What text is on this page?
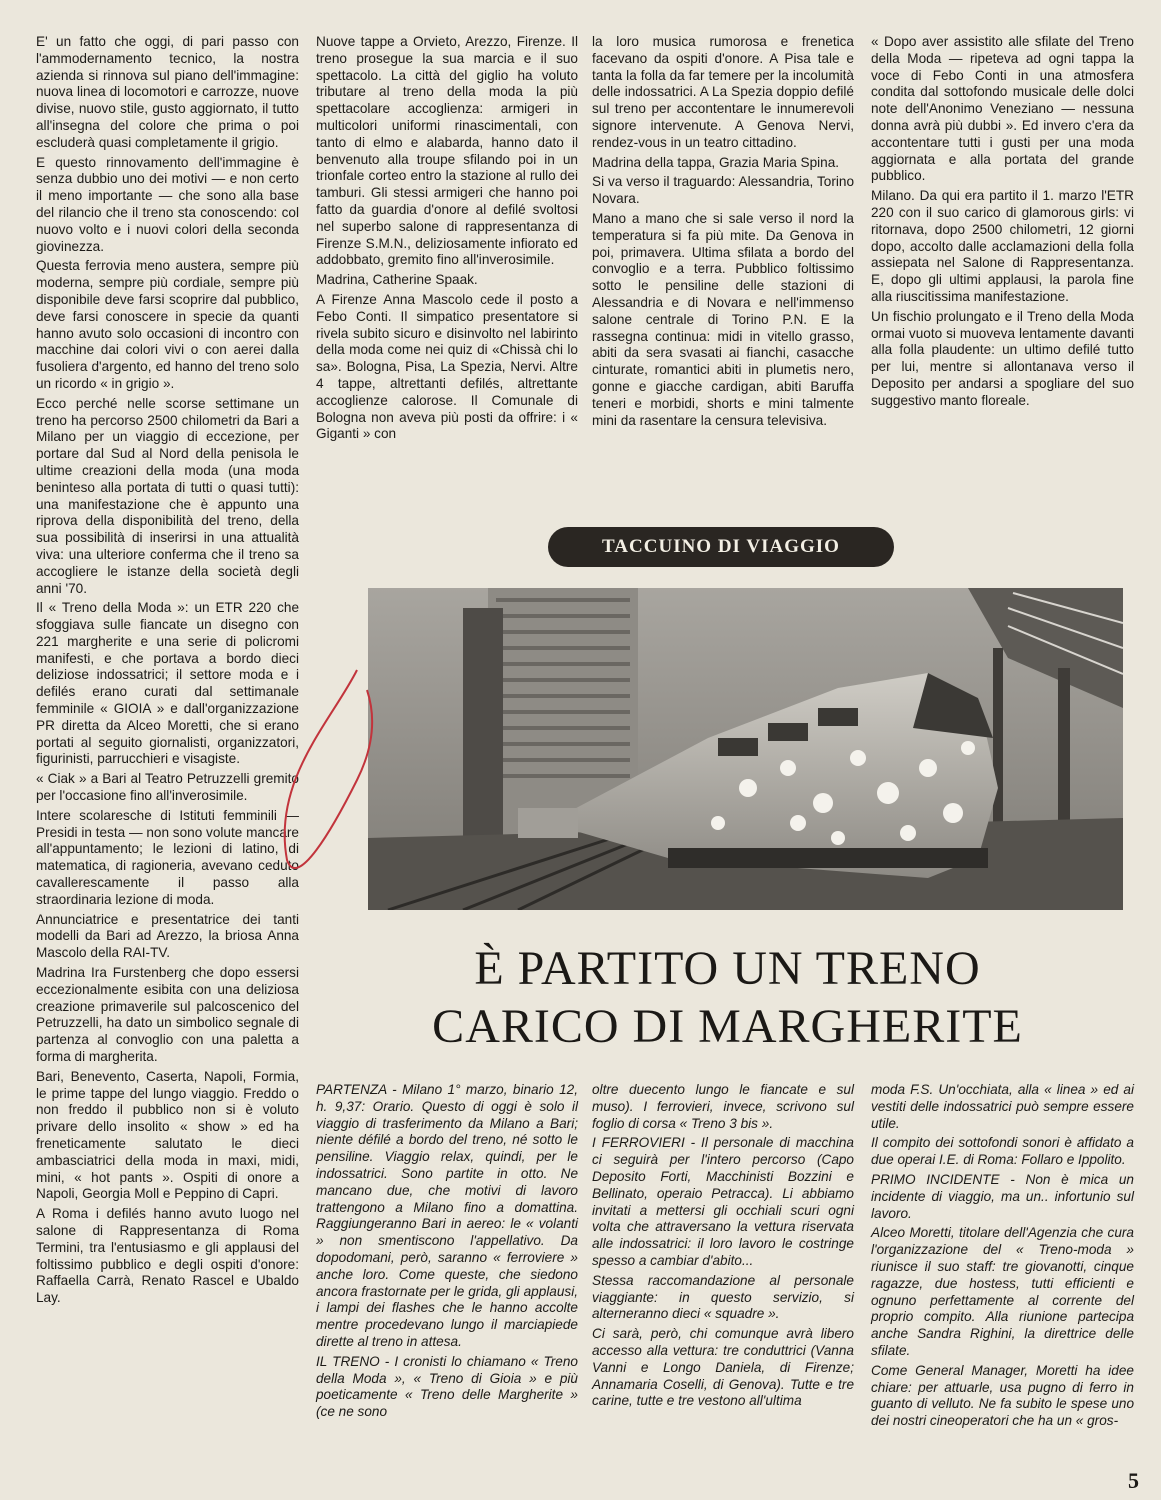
E' un fatto che oggi, di pari passo con l'ammodernamento tecnico, la nostra azienda si rinnova sul piano dell'immagine: nuova linea di locomotori e carrozze, nuove divise, nuovo stile, gusto aggiornato, il tutto all'insegna del colore che prima o poi escluderà quasi completamente il grigio.

E questo rinnovamento dell'immagine è senza dubbio uno dei motivi — e non certo il meno importante — che sono alla base del rilancio che il treno sta conoscendo: col nuovo volto e i nuovi colori della seconda giovinezza.

Questa ferrovia meno austera, sempre più moderna, sempre più cordiale, sempre più disponibile deve farsi scoprire dal pubblico, deve farsi conoscere in specie da quanti hanno avuto solo occasioni di incontro con macchine dai colori vivi o con aerei dalla fusoliera d'argento, ed hanno del treno solo un ricordo « in grigio ».

Ecco perché nelle scorse settimane un treno ha percorso 2500 chilometri da Bari a Milano per un viaggio di eccezione, per portare dal Sud al Nord della penisola le ultime creazioni della moda (una moda beninteso alla portata di tutti o quasi tutti): una manifestazione che è appunto una riprova della disponibilità del treno, della sua possibilità di inserirsi in una attualità viva: una ulteriore conferma che il treno sa accogliere le istanze della società degli anni '70.

Il « Treno della Moda »: un ETR 220 che sfoggiava sulle fiancate un disegno con 221 margherite e una serie di policromi manifesti, e che portava a bordo dieci deliziose indossatrici; il settore moda e i defilés erano curati dal settimanale femminile « GIOIA » e dall'organizzazione PR diretta da Alceo Moretti, che si erano portati al seguito giornalisti, organizzatori, figurinisti, parrucchieri e visagiste.

« Ciak » a Bari al Teatro Petruzzelli gremito per l'occasione fino all'inverosimile.

Intere scolaresche di Istituti femminili — Presidi in testa — non sono volute mancare all'appuntamento; le lezioni di latino, di matematica, di ragioneria, avevano ceduto cavallerescamente il passo alla straordinaria lezione di moda.

Annunciatrice e presentatrice dei tanti modelli da Bari ad Arezzo, la briosa Anna Mascolo della RAI-TV.

Madrina Ira Furstenberg che dopo essersi eccezionalmente esibita con una deliziosa creazione primaverile sul palcoscenico del Petruzzelli, ha dato un simbolico segnale di partenza al convoglio con una paletta a forma di margherita.

Bari, Benevento, Caserta, Napoli, Formia, le prime tappe del lungo viaggio. Freddo o non freddo il pubblico non si è voluto privare dello insolito « show » ed ha freneticamente salutato le dieci ambasciatrici della moda in maxi, midi, mini, « hot pants ». Ospiti di onore a Napoli, Georgia Moll e Peppino di Capri.

A Roma i defilés hanno avuto luogo nel salone di Rappresentanza di Roma Termini, tra l'entusiasmo e gli applausi del foltissimo pubblico e degli ospiti d'onore: Raffaella Carrà, Renato Rascel e Ubaldo Lay.

Nuove tappe a Orvieto, Arezzo, Firenze. Il treno prosegue la sua marcia e il suo spettacolo. La città del giglio ha voluto tributare al treno della moda la più spettacolare accoglienza: armigeri in multicolori uniformi rinascimentali, con tanto di elmo e alabarda, hanno dato il benvenuto alla troupe sfilando poi in un trionfale corteo entro la stazione al rullo dei tamburi. Gli stessi armigeri che hanno poi fatto da guardia d'onore al defilé svoltosi nel superbo salone di rappresentanza di Firenze S.M.N., deliziosamente infiorato ed addobbato, gremito fino all'inverosimile.

Madrina, Catherine Spaak.

A Firenze Anna Mascolo cede il posto a Febo Conti. Il simpatico presentatore si rivela subito sicuro e disinvolto nel labirinto della moda come nei quiz di «Chissà chi lo sa». Bologna, Pisa, La Spezia, Nervi. Altre 4 tappe, altrettanti defilés, altrettante accoglienze calorose. Il Comunale di Bologna non aveva più posti da offrire: i « Giganti » con

la loro musica rumorosa e frenetica facevano da ospiti d'onore. A Pisa tale e tanta la folla da far temere per la incolumità delle indossatrici. A La Spezia doppio defilé sul treno per accontentare le innumerevoli signore intervenute. A Genova Nervi, rendez-vous in un teatro cittadino.

Madrina della tappa, Grazia Maria Spina.

Si va verso il traguardo: Alessandria, Torino Novara.

Mano a mano che si sale verso il nord la temperatura si fa più mite. Da Genova in poi, primavera. Ultima sfilata a bordo del convoglio e a terra. Pubblico foltissimo sotto le pensiline delle stazioni di Alessandria e di Novara e nell'immenso salone centrale di Torino P.N. E la rassegna continua: midi in vitello grasso, abiti da sera svasati ai fianchi, casacche cinturate, romantici abiti in plumetis nero, gonne e giacche cardigan, abiti Baruffa teneri e morbidi, shorts e mini talmente mini da rasentare la censura televisiva.

« Dopo aver assistito alle sfilate del Treno della Moda — ripeteva ad ogni tappa la voce di Febo Conti in una atmosfera condita dal sottofondo musicale delle dolci note dell'Anonimo Veneziano — nessuna donna avrà più dubbi ». Ed invero c'era da accontentare tutti i gusti per una moda aggiornata e alla portata del grande pubblico.

Milano. Da qui era partito il 1. marzo l'ETR 220 con il suo carico di glamorous girls: vi ritornava, dopo 2500 chilometri, 12 giorni dopo, accolto dalle acclamazioni della folla assiepata nel Salone di Rappresentanza. E, dopo gli ultimi applausi, la parola fine alla riuscitissima manifestazione.

Un fischio prolungato e il Treno della Moda ormai vuoto si muoveva lentamente davanti alla folla plaudente: un ultimo defilé tutto per lui, mentre si allontanava verso il Deposito per andarsi a spogliare del suo suggestivo manto floreale.

TACCUINO DI VIAGGIO
È PARTITO UN TRENO
CARICO DI MARGHERITE

PARTENZA - Milano 1° marzo, binario 12, h. 9,37: Orario. Questo di oggi è solo il viaggio di trasferimento da Milano a Bari; niente défilé a bordo del treno, né sotto le pensiline. Viaggio relax, quindi, per le indossatrici. Sono partite in otto. Ne mancano due, che motivi di lavoro trattengono a Milano fino a domattina. Raggiungeranno Bari in aereo: le « volanti » non smentiscono l'appellativo. Da dopodomani, però, saranno « ferroviere » anche loro. Come queste, che siedono ancora frastornate per le grida, gli applausi, i lampi dei flashes che le hanno accolte mentre procedevano lungo il marciapiede dirette al treno in attesa.

IL TRENO - I cronisti lo chiamano « Treno della Moda », « Treno di Gioia » e più poeticamente « Treno delle Margherite » (ce ne sono

oltre duecento lungo le fiancate e sul muso). I ferrovieri, invece, scrivono sul foglio di corsa « Treno 3 bis ».

I FERROVIERI - Il personale di macchina ci seguirà per l'intero percorso (Capo Deposito Forti, Macchinisti Bozzini e Bellinato, operaio Petracca). Li abbiamo invitati a mettersi gli occhiali scuri ogni volta che attraversano la vettura riservata alle indossatrici: il loro lavoro le costringe spesso a cambiar d'abito...

Stessa raccomandazione al personale viaggiante: in questo servizio, si alterneranno dieci « squadre ».

Ci sarà, però, chi comunque avrà libero accesso alla vettura: tre conduttrici (Vanna Vanni e Longo Daniela, di Firenze; Annamaria Coselli, di Genova). Tutte e tre carine, tutte e tre vestono all'ultima

moda F.S. Un'occhiata, alla « linea » ed ai vestiti delle indossatrici può sempre essere utile.

Il compito dei sottofondi sonori è affidato a due operai I.E. di Roma: Follaro e Ippolito.

PRIMO INCIDENTE - Non è mica un incidente di viaggio, ma un.. infortunio sul lavoro.

Alceo Moretti, titolare dell'Agenzia che cura l'organizzazione del « Treno-moda » riunisce il suo staff: tre giovanotti, cinque ragazze, due hostess, tutti efficienti e ognuno perfettamente al corrente del proprio compito. Alla riunione partecipa anche Sandra Righini, la direttrice delle sfilate.

Come General Manager, Moretti ha idee chiare: per attuarle, usa pugno di ferro in guanto di velluto. Ne fa subito le spese uno dei nostri cineoperatori che ha un « gros-

5
